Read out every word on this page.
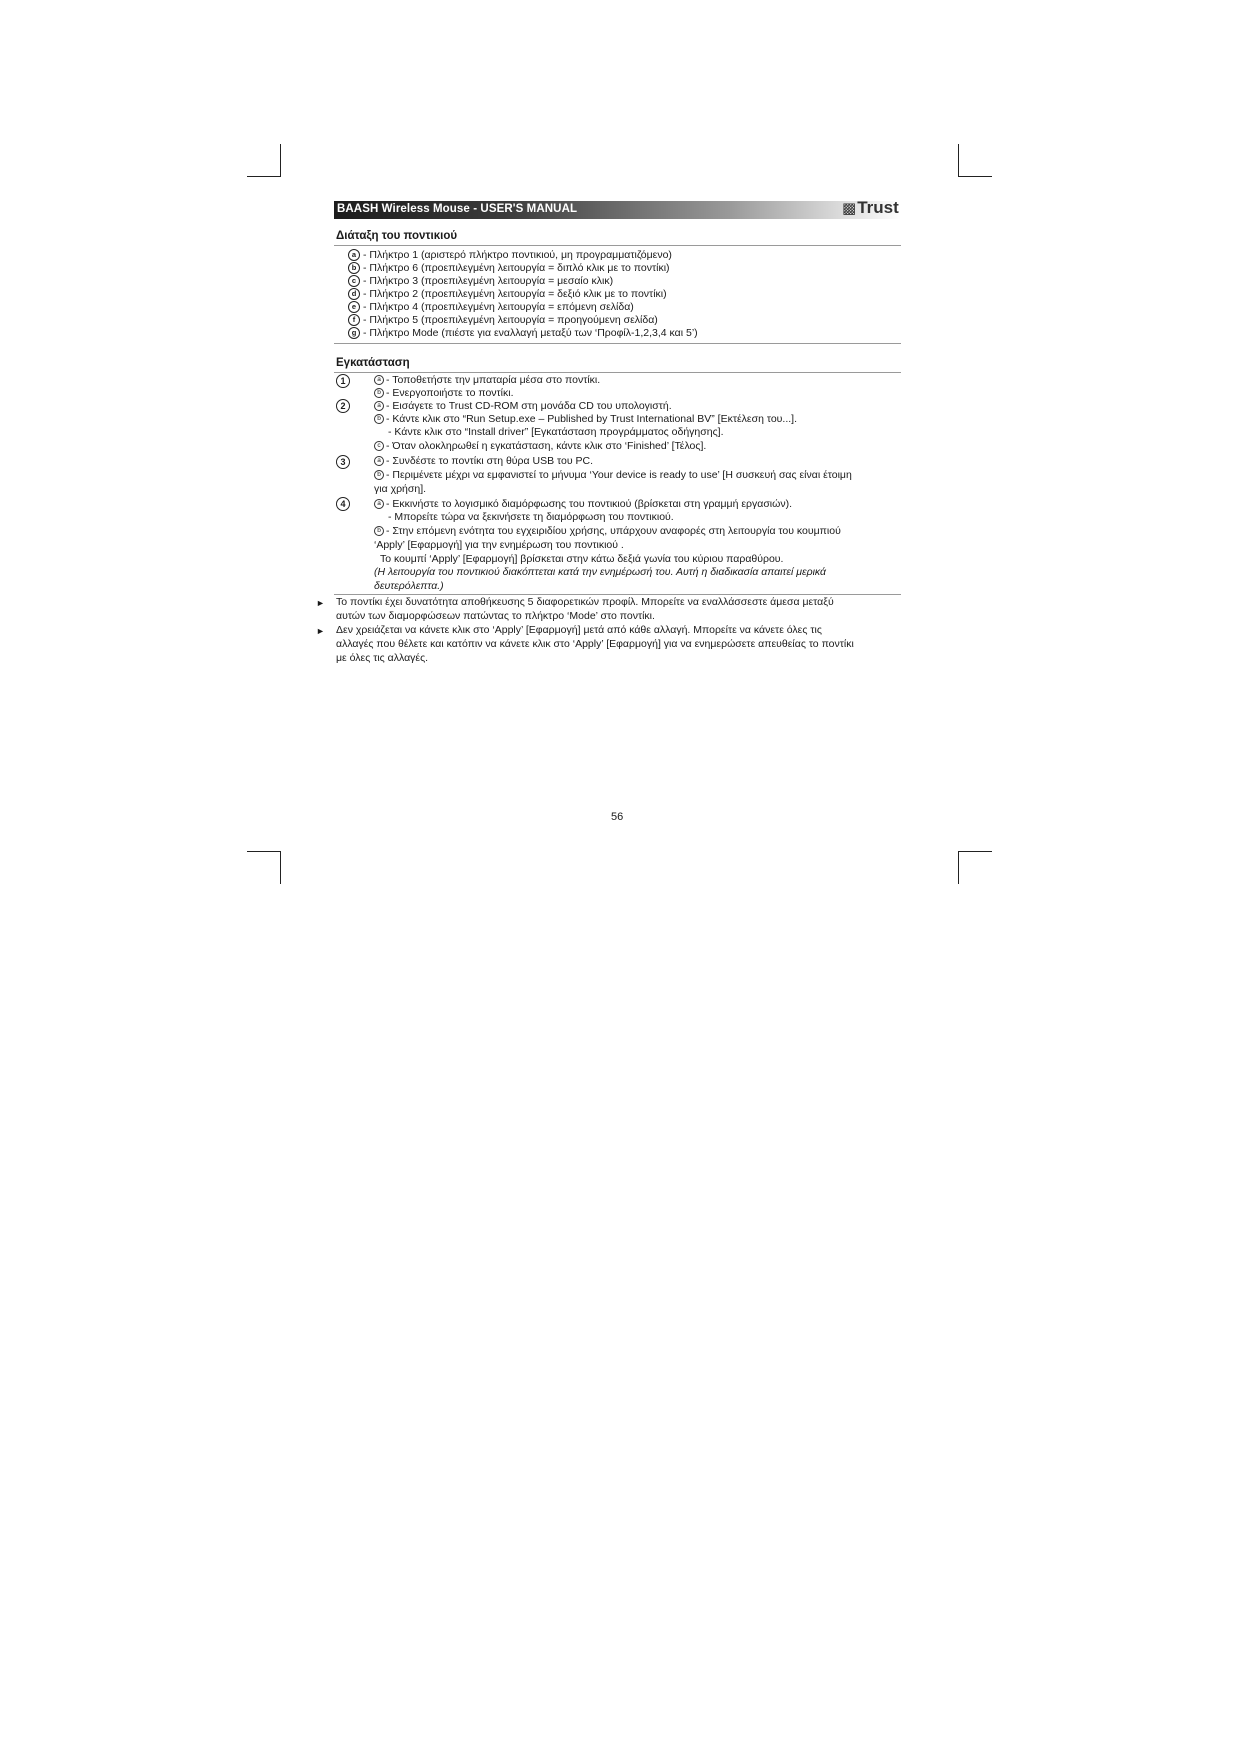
BAASH Wireless Mouse - USER'S MANUAL	▩ Trust
Διάταξη του ποντικιού
a - Πλήκτρο 1 (αριστερό πλήκτρο ποντικιού, μη προγραμματιζόμενο)
b - Πλήκτρο 6 (προεπιλεγμένη λειτουργία = διπλό κλικ με το ποντίκι)
c - Πλήκτρο 3 (προεπιλεγμένη λειτουργία = μεσαίο κλικ)
d - Πλήκτρο 2 (προεπιλεγμένη λειτουργία = δεξιό κλικ με το ποντίκι)
e - Πλήκτρο 4 (προεπιλεγμένη λειτουργία = επόμενη σελίδα)
f - Πλήκτρο 5 (προεπιλεγμένη λειτουργία = προηγούμενη σελίδα)
g - Πλήκτρο Mode (πιέστε για εναλλαγή μεταξύ των ‘Προφίλ-1,2,3,4 και 5’)
Εγκατάσταση
1
2
3
4
a - Τοποθετήστε την μπαταρία μέσα στο ποντίκι.
b - Ενεργοποιήστε το ποντίκι.
a - Εισάγετε το Trust CD-ROM στη μονάδα CD του υπολογιστή.
b - Κάντε κλικ στο “Run Setup.exe – Published by Trust International BV” [Εκτέλεση του...].
- Κάντε κλικ στο “Install driver” [Εγκατάσταση προγράμματος οδήγησης].
c - Όταν ολοκληρωθεί η εγκατάσταση, κάντε κλικ στο ‘Finished’ [Τέλος].
a - Συνδέστε το ποντίκι στη θύρα USB του PC.
b - Περιμένετε μέχρι να εμφανιστεί το μήνυμα ‘Your device is ready to use’ [Η συσκευή σας είναι έτοιμη
για χρήση].
a - Εκκινήστε το λογισμικό διαμόρφωσης του ποντικιού (βρίσκεται στη γραμμή εργασιών).
- Μπορείτε τώρα να ξεκινήσετε τη διαμόρφωση του ποντικιού.
b - Στην επόμενη ενότητα του εγχειριδίου χρήσης, υπάρχουν αναφορές στη λειτουργία του κουμπιού
‘Apply’ [Εφαρμογή] για την ενημέρωση του ποντικιού .
Το κουμπί ‘Apply’ [Εφαρμογή] βρίσκεται στην κάτω δεξιά γωνία του κύριου παραθύρου.
(Η λειτουργία του ποντικιού διακόπτεται κατά την ενημέρωσή του. Αυτή η διαδικασία απαιτεί μερικά
δευτερόλεπτα.)
► Το ποντίκι έχει δυνατότητα αποθήκευσης 5 διαφορετικών προφίλ. Μπορείτε να εναλλάσσεστε άμεσα μεταξύ
αυτών των διαμορφώσεων πατώντας το πλήκτρο ‘Mode’ στο ποντίκι.
► Δεν χρειάζεται να κάνετε κλικ στο ‘Apply’ [Εφαρμογή] μετά από κάθε αλλαγή. Μπορείτε να κάνετε όλες τις
αλλαγές που θέλετε και κατόπιν να κάνετε κλικ στο ‘Apply’ [Εφαρμογή] για να ενημερώσετε απευθείας το ποντίκι
με όλες τις αλλαγές.
56
